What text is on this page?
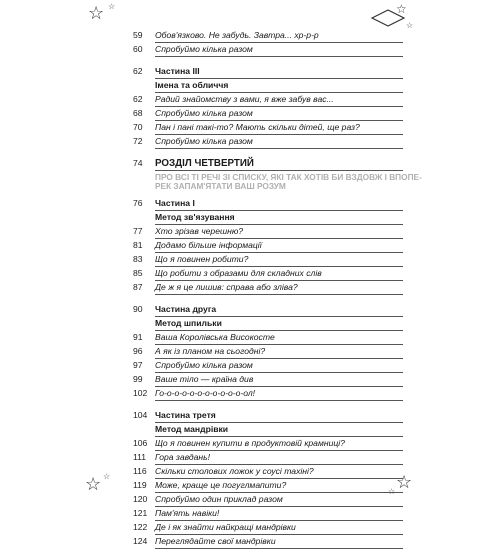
☆ ☆	☆
☆
☆ ☆	☆
☆
59 Обов'язково. Не забудь. Завтра... хр-р-р
60 Спробуймо кілька разом
62 Частина III
Імена та обличчя
62 Радий знайомству з вами, я вже забув вас...
68 Спробуймо кілька разом
70 Пан і пані такі-то? Мають скільки дітей, ще раз?
72 Спробуймо кілька разом
74 РОЗДІЛ ЧЕТВЕРТИЙ
ПРО ВСІ ТІ РЕЧІ ЗІ СПИСКУ, ЯКІ ТАК ХОТІВ БИ ВЗДОВЖ І ВПОПЕ-
РЕК ЗАПАМ'ЯТАТИ ВАШ РОЗУМ
76 Частина І
Метод зв'язування
77 Хто зрізав черешню?
81 Додамо більше інформації
83 Що я повинен робити?
85 Що робити з образами для складних слів
87 Де ж я це лишив: справа або зліва?
90 Частина друга
Метод шпильки
91 Ваша Королівська Високосте
96 А як із планом на сьогодні?
97 Спробуймо кілька разом
99 Ваше тіло — країна див
102 Го-о-о-о-о-о-о-о-о-о-о-ол!
104 Частина третя
Метод мандрівки
106 Що я повинен купити в продуктовій крамниці?
111 Гора завдань!
116 Скільки столових ложок у соусі тахіні?
119 Може, краще це погуглмапити?
120 Спробуймо один приклад разом
121 Пам'ять навіки!
122 Де і як знайти найкращі мандрівки
124 Переглядайте свої мандрівки
